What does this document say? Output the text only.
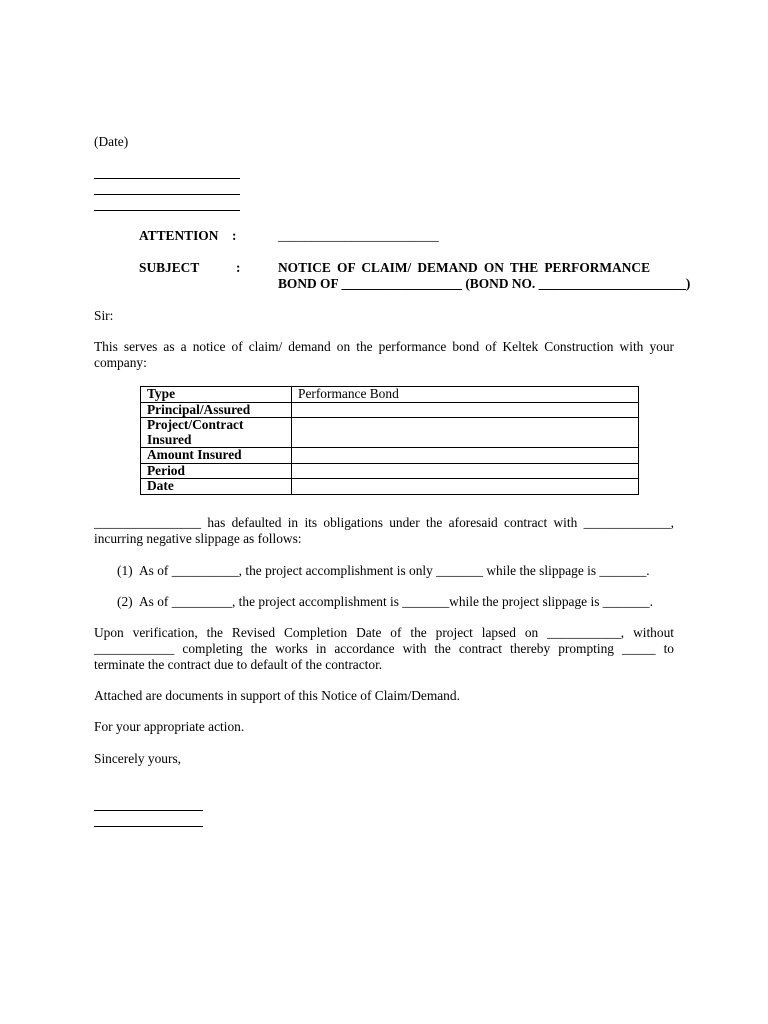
(Date)
ATTENTION :	________________________
SUBJECT	:	NOTICE OF CLAIM/ DEMAND ON THE PERFORMANCE
BOND OF __________________ (BOND NO. ______________________)
Sir:
This serves as a notice of claim/ demand on the performance bond of Keltek Construction with your company:
Type	Performance Bond
Principal/Assured	
Project/Contract Insured	
Amount Insured	
Period	
Date	
________________ has defaulted in its obligations under the aforesaid contract with _____________,
incurring negative slippage as follows:
(1) As of __________, the project accomplishment is only _______ while the slippage is _______.
(2) As of _________, the project accomplishment is _______while the project slippage is _______.
Upon verification, the Revised Completion Date of the project lapsed on ___________, without
____________ completing the works in accordance with the contract thereby prompting _____ to
terminate the contract due to default of the contractor.
Attached are documents in support of this Notice of Claim/Demand.
For your appropriate action.
Sincerely yours,
